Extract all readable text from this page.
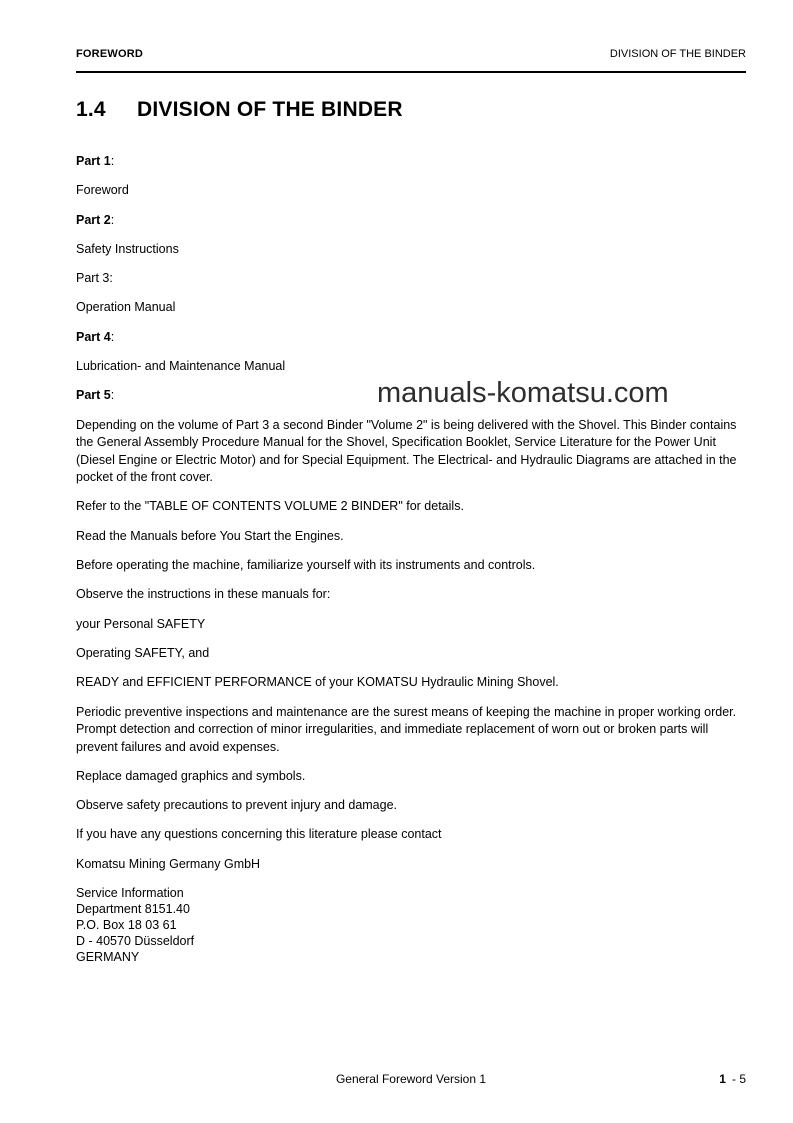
FOREWORD	DIVISION OF THE BINDER
1.4	DIVISION OF THE BINDER

Part 1:

Foreword

Part 2:

Safety Instructions

Part 3:

Operation Manual

Part 4:

Lubrication- and Maintenance Manual

Part 5:

Depending on the volume of Part 3 a second Binder "Volume 2" is being delivered with the Shovel. This Binder contains the General Assembly Procedure Manual for the Shovel, Specification Booklet, Service Literature for the Power Unit (Diesel Engine or Electric Motor) and for Special Equipment. The Electrical- and Hydraulic Diagrams are attached in the pocket of the front cover.

Refer to the "TABLE OF CONTENTS VOLUME 2 BINDER" for details.

Read the Manuals before You Start the Engines.

Before operating the machine, familiarize yourself with its instruments and controls.

Observe the instructions in these manuals for:

your Personal SAFETY

Operating SAFETY, and

READY and EFFICIENT PERFORMANCE of your KOMATSU Hydraulic Mining Shovel.

Periodic preventive inspections and maintenance are the surest means of keeping the machine in proper working order. Prompt detection and correction of minor irregularities, and immediate replacement of worn out or broken parts will prevent failures and avoid expenses.

Replace damaged graphics and symbols.

Observe safety precautions to prevent injury and damage.

If you have any questions concerning this literature please contact

Komatsu Mining Germany GmbH

Service Information

Department 8151.40

P.O. Box 18 03 61

D - 40570 Düsseldorf

GERMANY

manuals-komatsu.com
General Foreword Version 1	1 - 5
